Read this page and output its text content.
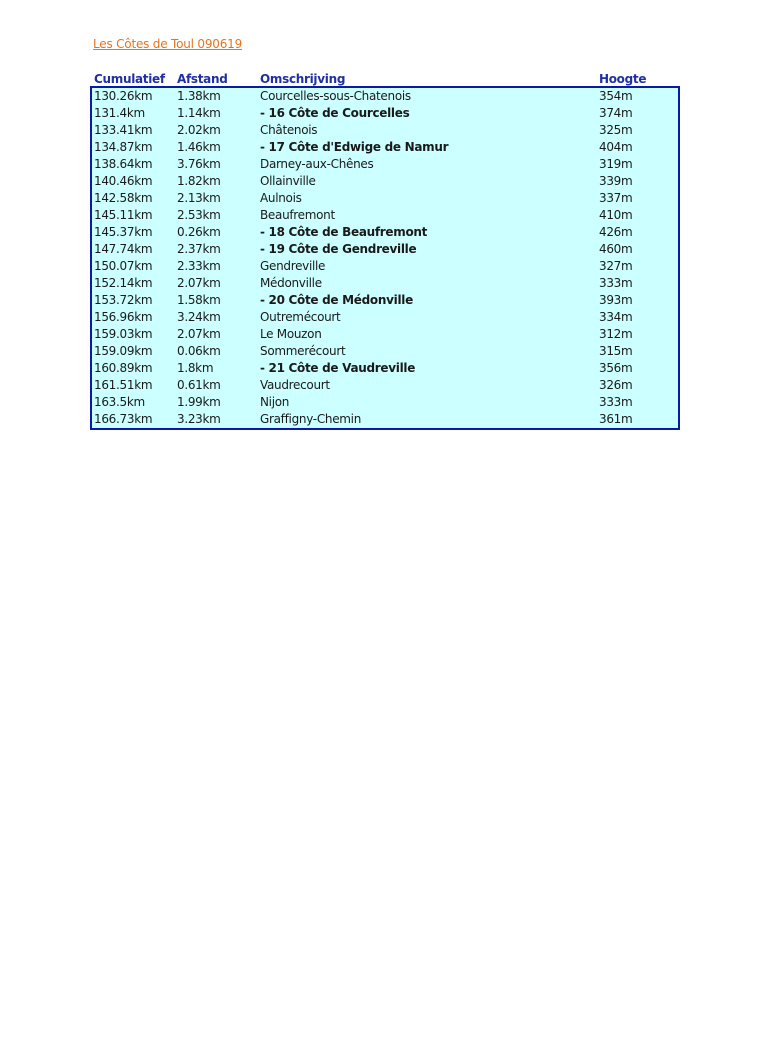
Les Côtes de Toul 090619
Cumulatief Afstand	Omschrijving	Hoogte
130.26km 1.38km	Courcelles-sous-Chatenois	354m
131.4km	1.14km	- 16 Côte de Courcelles	374m
133.41km 2.02km	Châtenois	325m
134.87km 1.46km	- 17 Côte d'Edwige de Namur	404m
138.64km 3.76km	Darney-aux-Chênes	319m
140.46km 1.82km	Ollainville	339m
142.58km 2.13km	Aulnois	337m
145.11km 2.53km	Beaufremont	410m
145.37km 0.26km	- 18 Côte de Beaufremont	426m
147.74km 2.37km	- 19 Côte de Gendreville	460m
150.07km 2.33km	Gendreville	327m
152.14km 2.07km	Médonville	333m
153.72km 1.58km	- 20 Côte de Médonville	393m
156.96km 3.24km	Outremécourt	334m
159.03km 2.07km	Le Mouzon	312m
159.09km 0.06km	Sommerécourt	315m
160.89km 1.8km	- 21 Côte de Vaudreville	356m
161.51km 0.61km	Vaudrecourt	326m
163.5km	1.99km	Nijon	333m
166.73km 3.23km	Graffigny-Chemin	361m
